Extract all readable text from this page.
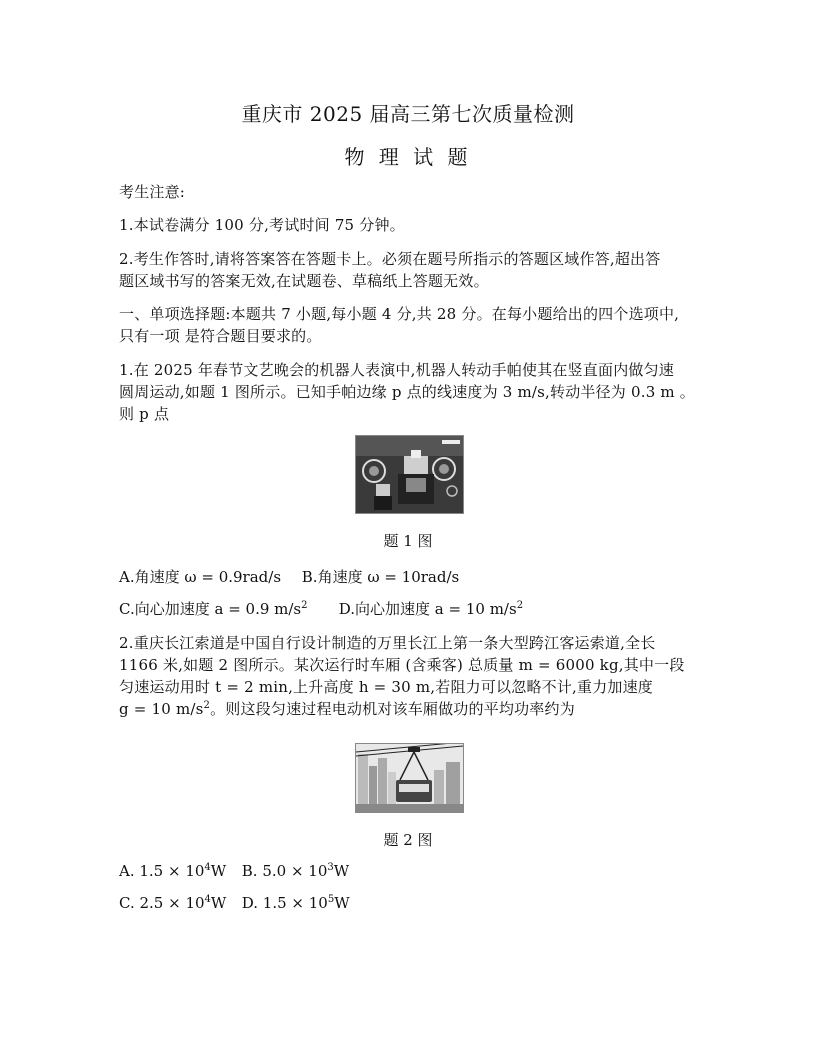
重庆市 2025 届高三第七次质量检测
物 理 试 题
考生注意:
1.本试卷满分 100 分,考试时间 75 分钟。
2.考生作答时,请将答案答在答题卡上。必须在题号所指示的答题区域作答,超出答
题区域书写的答案无效,在试题卷、草稿纸上答题无效。
一、单项选择题:本题共 7 小题,每小题 4 分,共 28 分。在每小题给出的四个选项中,
只有一项 是符合题目要求的。
1.在 2025 年春节文艺晚会的机器人表演中,机器人转动手帕使其在竖直面内做匀速
圆周运动,如题 1 图所示。已知手帕边缘 p 点的线速度为 3 m/s,转动半径为 0.3 m 。
则 p 点
题 1 图
A.角速度 ω = 0.9rad/s B.角速度 ω = 10rad/s
C.向心加速度 a = 0.9 $m/s^2$ D.向心加速度 a = 10 $m/s^2$
2.重庆长江索道是中国自行设计制造的万里长江上第一条大型跨江客运索道,全长
1166 米,如题 2 图所示。某次运行时车厢 (含乘客) 总质量 m = 6000 kg,其中一段
匀速运动用时 t = 2 min,上升高度 h = 30 m,若阻力可以忽略不计,重力加速度
g = 10 $m/s^2$。则这段匀速过程电动机对该车厢做功的平均功率约为
题 2 图
A. $1.5 \times 10^4W$ B. $5.0 \times 10^3W$
C. $2.5 \times 10^4W$ D. $1.5 \times 10^5W$
